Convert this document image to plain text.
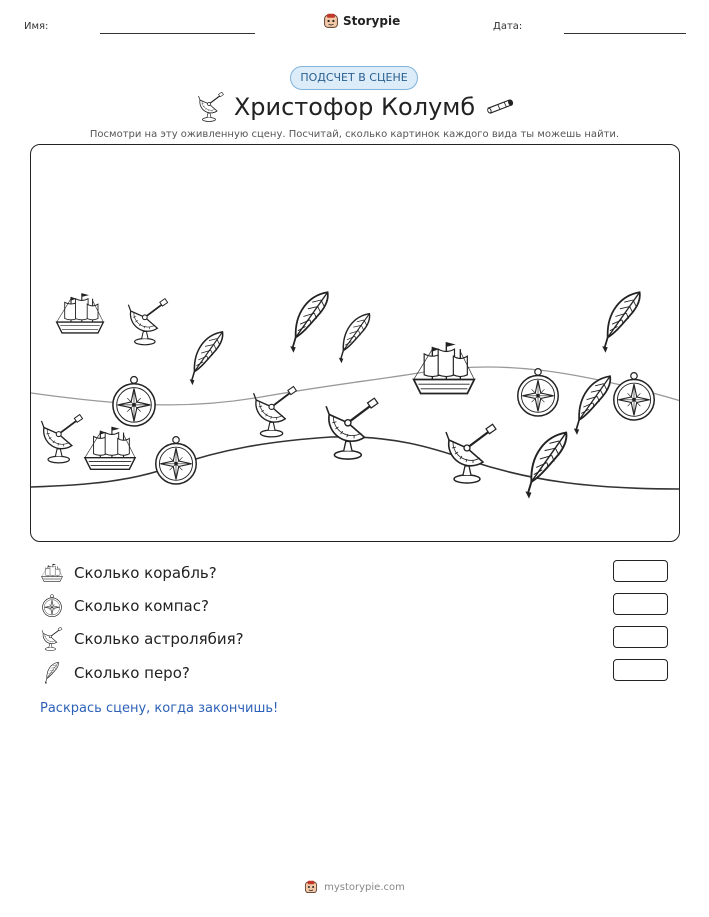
Имя:	Storypie	Дата:
ПОДСЧЕТ В СЦЕНЕ
Христофор Колумб
Посмотри на эту оживленную сцену. Посчитай, сколько картинок каждого вида ты можешь найти.
Сколько корабль?
Сколько компас?
Сколько астролябия?
Сколько перо?
Раскрась сцену, когда закончишь!
mystorypie.com
